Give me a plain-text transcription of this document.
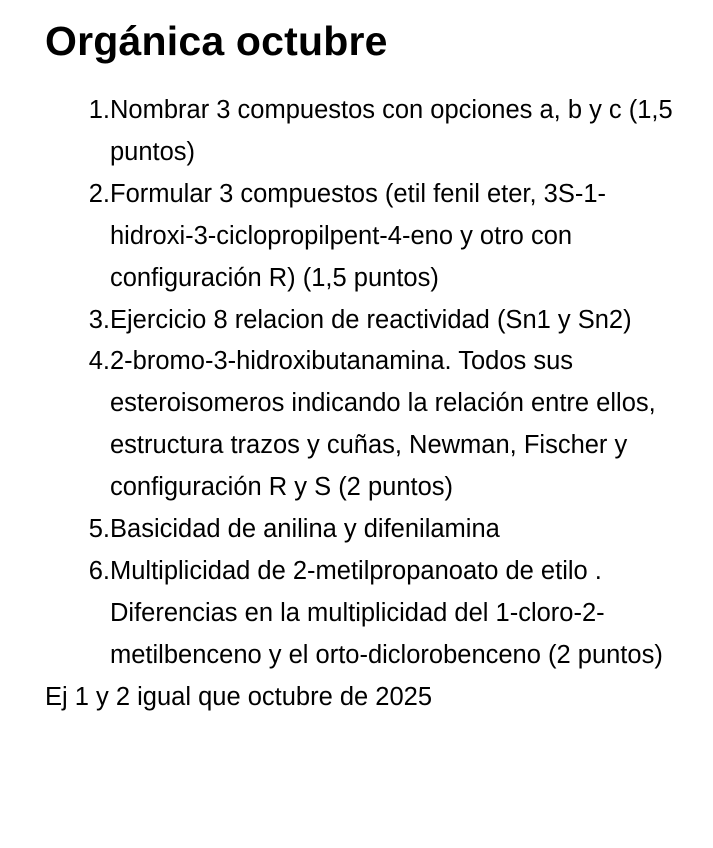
Orgánica octubre
1. Nombrar 3 compuestos con opciones a, b y c (1,5 puntos)
2. Formular 3 compuestos (etil fenil eter, 3S-1-hidroxi-3-ciclopropilpent-4-eno y otro con configuración R) (1,5 puntos)
3. Ejercicio 8 relacion de reactividad (Sn1 y Sn2)
4. 2-bromo-3-hidroxibutanamina. Todos sus esteroisomeros indicando la relación entre ellos, estructura trazos y cuñas, Newman, Fischer y configuración R y S (2 puntos)
5. Basicidad de anilina y difenilamina
6. Multiplicidad de 2-metilpropanoato de etilo . Diferencias en la multiplicidad del 1-cloro-2-metilbenceno y el orto-diclorobenceno (2 puntos)
Ej 1 y 2 igual que octubre de 2025
